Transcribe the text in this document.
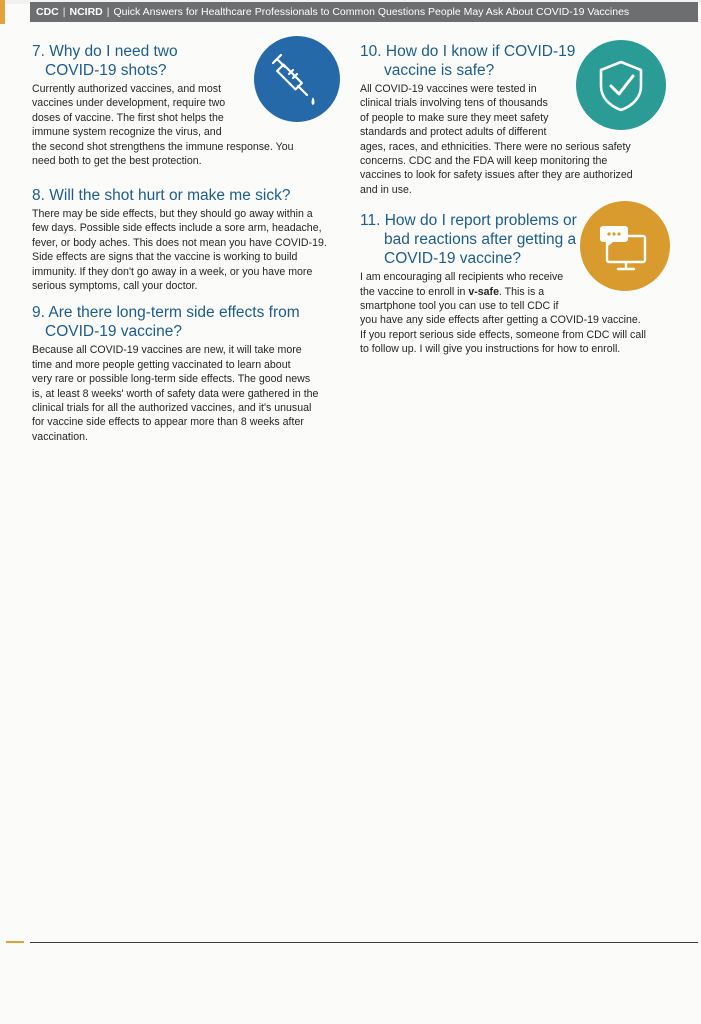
CDC | NCIRD | Quick Answers for Healthcare Professionals to Common Questions People May Ask About COVID-19 Vaccines
7. Why do I need two
COVID-19 shots?

Currently authorized vaccines, and most
vaccines under development, require two
doses of vaccine. The first shot helps the
immune system recognize the virus, and
the second shot strengthens the immune response. You
need both to get the best protection.

8. Will the shot hurt or make me sick?

There may be side effects, but they should go away within a
few days. Possible side effects include a sore arm, headache,
fever, or body aches. This does not mean you have COVID-19.
Side effects are signs that the vaccine is working to build
immunity. If they don't go away in a week, or you have more
serious symptoms, call your doctor.

9. Are there long-term side effects from
COVID-19 vaccine?

Because all COVID-19 vaccines are new, it will take more
time and more people getting vaccinated to learn about
very rare or possible long-term side effects. The good news
is, at least 8 weeks' worth of safety data were gathered in the
clinical trials for all the authorized vaccines, and it's unusual
for vaccine side effects to appear more than 8 weeks after
vaccination.

10. How do I know if COVID-19
vaccine is safe?

All COVID-19 vaccines were tested in
clinical trials involving tens of thousands
of people to make sure they meet safety
standards and protect adults of different
ages, races, and ethnicities. There were no serious safety
concerns. CDC and the FDA will keep monitoring the
vaccines to look for safety issues after they are authorized
and in use.

11. How do I report problems or
bad reactions after getting a
COVID-19 vaccine?

I am encouraging all recipients who receive
the vaccine to enroll in v-safe. This is a
smartphone tool you can use to tell CDC if
you have any side effects after getting a COVID-19 vaccine.
If you report serious side effects, someone from CDC will call
to follow up. I will give you instructions for how to enroll.
